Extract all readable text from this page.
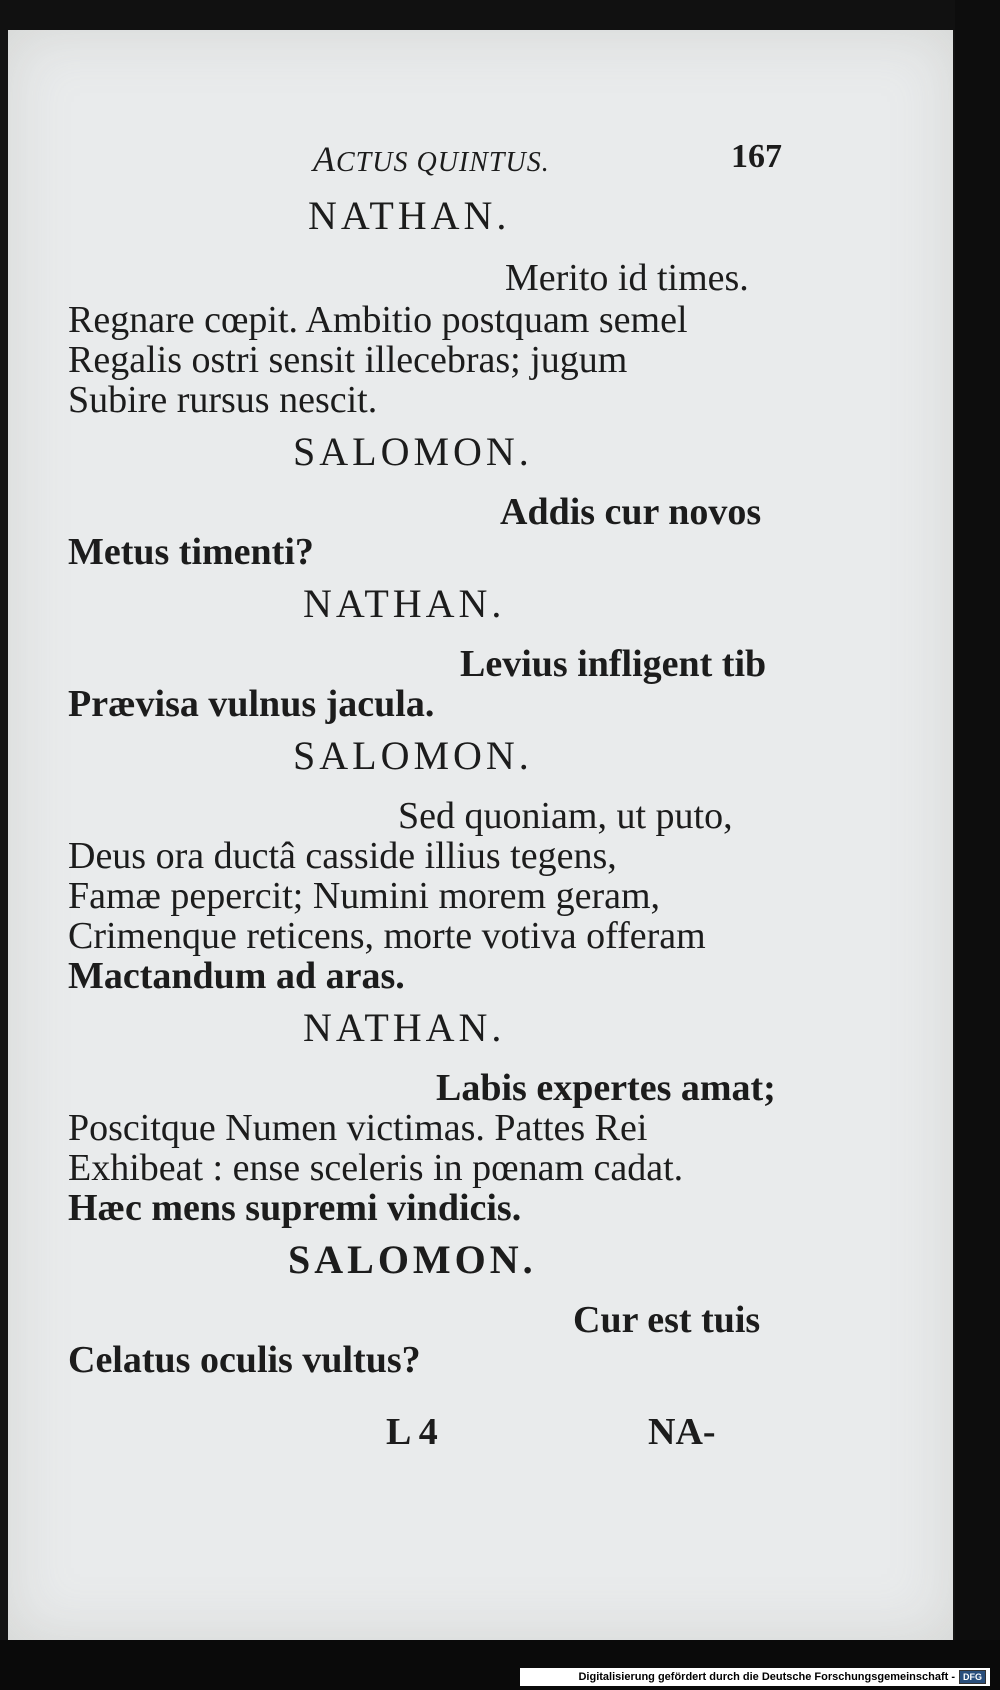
ACTUS QUINTUS.	167
NATHAN.
Merito id times.
Regnare cœpit. Ambitio postquam semel
Regalis ostri sensit illecebras; jugum
Subire rursus nescit.
SALOMON.
Addis cur novos
Metus timenti?
NATHAN.
Levius infligent tib
Prævisa vulnus jacula.
SALOMON.
Sed quoniam, ut puto,
Deus ora ductâ casside illius tegens,
Famæ pepercit; Numini morem geram,
Crimenque reticens, morte votiva offeram
Mactandum ad aras.
NATHAN.
Labis expertes amat;
Poscitque Numen victimas. Pattes Rei
Exhibeat : ense sceleris in pœnam cadat.
Hæc mens supremi vindicis.
SALOMON.
Cur est tuis
Celatus oculis vultus?
L 4	NA-
Digitalisierung gefördert durch die Deutsche Forschungsgemeinschaft - DFG
